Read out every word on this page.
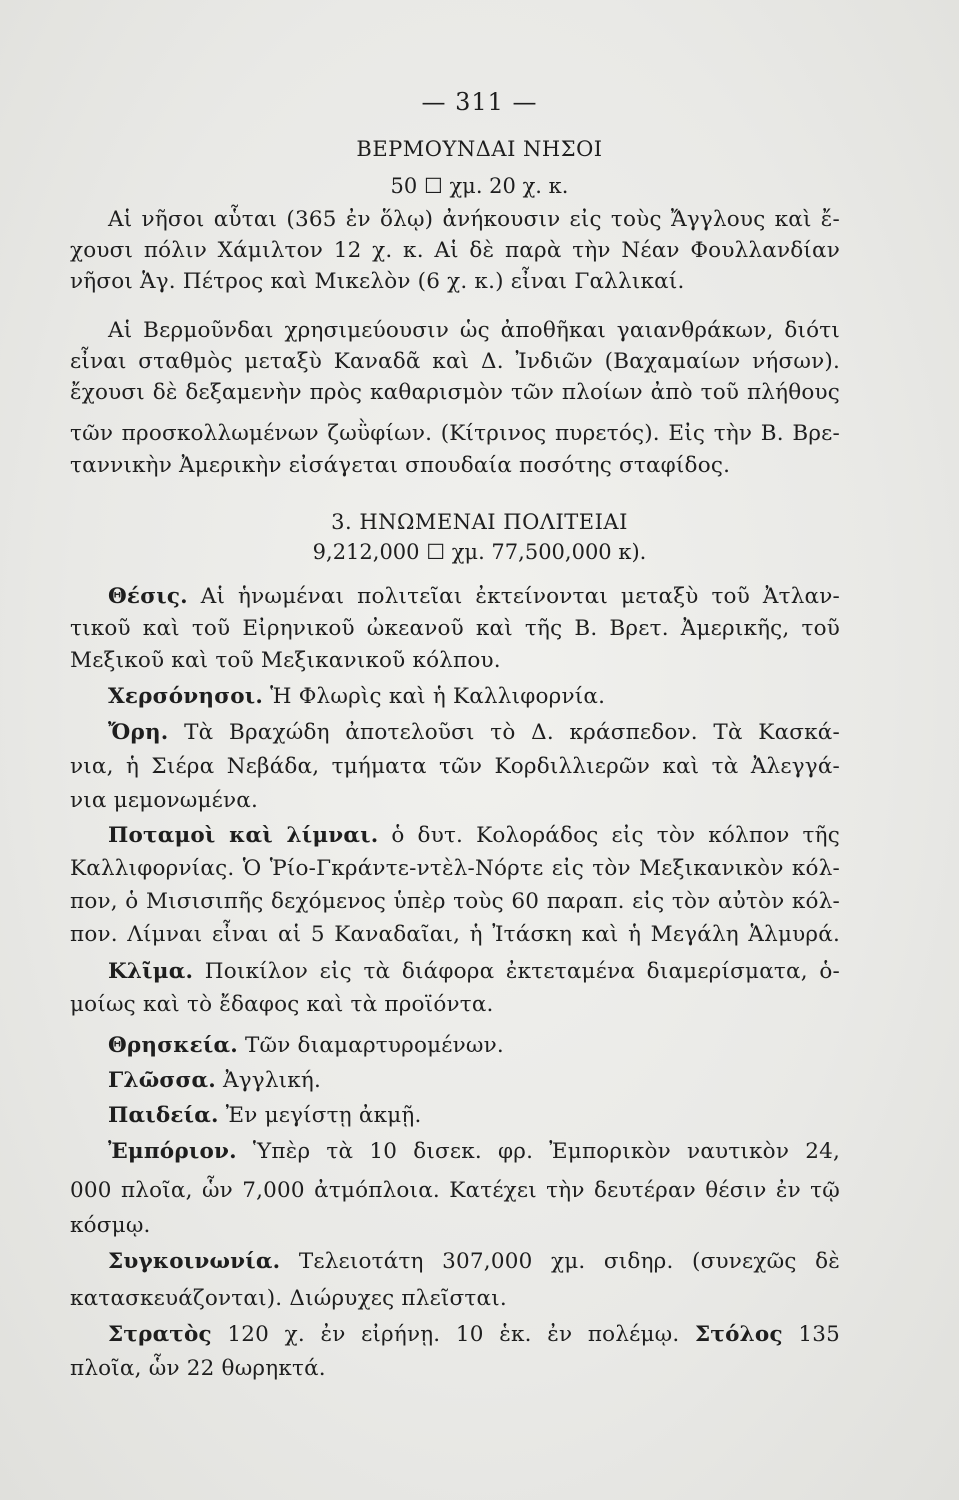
— 311 —
ΒΕΡΜΟΥΝΔΑΙ ΝΗΣΟΙ
50 ☐ χμ. 20 χ. κ.
Αἱ νῆσοι αὗται (365 ἐν ὅλῳ) ἀνήκουσιν εἰς τοὺς Ἄγγλους καὶ ἔ-
χουσι πόλιν Χάμιλτον 12 χ. κ. Αἱ δὲ παρὰ τὴν Νέαν Φουλλανδίαν
νῆσοι Ἁγ. Πέτρος καὶ Μικελὸν (6 χ. κ.) εἶναι Γαλλικαί.
Αἱ Βερμοῦνδαι χρησιμεύουσιν ὡς ἀποθῆκαι γαιανθράκων, διότι
εἶναι σταθμὸς μεταξὺ Καναδᾶ καὶ Δ. Ἰνδιῶν (Βαχαμαίων νήσων).
ἔχουσι δὲ δεξαμενὴν πρὸς καθαρισμὸν τῶν πλοίων ἀπὸ τοῦ πλήθους
τῶν προσκολλωμένων ζωῢφίων. (Κίτρινος πυρετός). Εἰς τὴν Β. Βρε-
ταννικὴν Ἀμερικὴν εἰσάγεται σπουδαία ποσότης σταφίδος.
3. ΗΝΩΜΕΝΑΙ ΠΟΛΙΤΕΙΑΙ
9,212,000 ☐ χμ. 77,500,000 κ).
Θέσις. Αἱ ἡνωμέναι πολιτεῖαι ἐκτείνονται μεταξὺ τοῦ Ἀτλαν-
τικοῦ καὶ τοῦ Εἰρηνικοῦ ὠκεανοῦ καὶ τῆς Β. Βρετ. Ἀμερικῆς, τοῦ
Μεξικοῦ καὶ τοῦ Μεξικανικοῦ κόλπου.
Χερσόνησοι. Ἡ Φλωρὶς καὶ ἡ Καλλιφορνία.
Ὄρη. Τὰ Βραχώδη ἀποτελοῦσι τὸ Δ. κράσπεδον. Τὰ Κασκά-
νια, ἡ Σιέρα Νεβάδα, τμήματα τῶν Κορδιλλιερῶν καὶ τὰ Ἀλεγγά-
νια μεμονωμένα.
Ποταμοὶ καὶ λίμναι. ὁ δυτ. Κολοράδος εἰς τὸν κόλπον τῆς
Καλλιφορνίας. Ὁ Ῥίο-Γκράντε-ντὲλ-Νόρτε εἰς τὸν Μεξικανικὸν κόλ-
πον, ὁ Μισισιπῆς δεχόμενος ὑπὲρ τοὺς 60 παραπ. εἰς τὸν αὐτὸν κόλ-
πον. Λίμναι εἶναι αἱ 5 Καναδαῖαι, ἡ Ἰτάσκη καὶ ἡ Μεγάλη Ἁλμυρά.
Κλῖμα. Ποικίλον εἰς τὰ διάφορα ἐκτεταμένα διαμερίσματα, ὁ-
μοίως καὶ τὸ ἔδαφος καὶ τὰ προϊόντα.
Θρησκεία. Τῶν διαμαρτυρομένων.
Γλῶσσα. Ἀγγλική.
Παιδεία. Ἐν μεγίστῃ ἀκμῇ.
Ἐμπόριον. Ὑπὲρ τὰ 10 δισεκ. φρ. Ἐμπορικὸν ναυτικὸν 24,
000 πλοῖα, ὧν 7,000 ἀτμόπλοια. Κατέχει τὴν δευτέραν θέσιν ἐν τῷ
κόσμῳ.
Συγκοινωνία. Τελειοτάτη 307,000 χμ. σιδηρ. (συνεχῶς δὲ
κατασκευάζονται). Διώρυχες πλεῖσται.
Στρατὸς 120 χ. ἐν εἰρήνῃ. 10 ἑκ. ἐν πολέμῳ. Στόλος 135
πλοῖα, ὧν 22 θωρηκτά.
